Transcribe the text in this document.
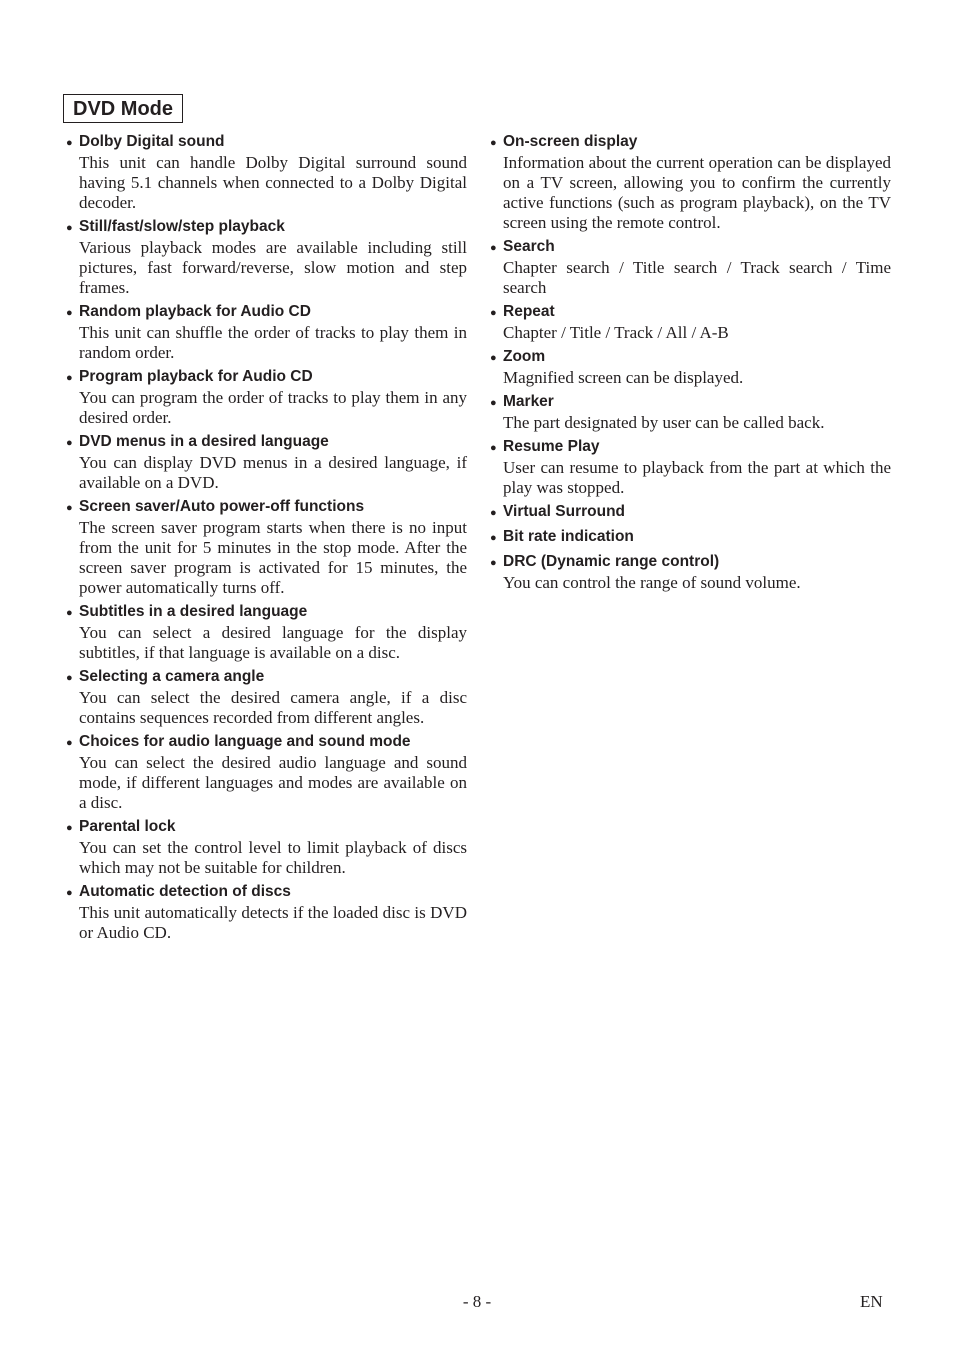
DVD Mode
● Dolby Digital sound
This unit can handle Dolby Digital surround sound having 5.1 channels when connected to a Dolby Digital decoder.
● Still/fast/slow/step playback
Various playback modes are available including still pictures, fast forward/reverse, slow motion and step frames.
● Random playback for Audio CD
This unit can shuffle the order of tracks to play them in random order.
● Program playback for Audio CD
You can program the order of tracks to play them in any desired order.
● DVD menus in a desired language
You can display DVD menus in a desired language, if available on a DVD.
● Screen saver/Auto power-off functions
The screen saver program starts when there is no input from the unit for 5 minutes in the stop mode. After the screen saver program is activated for 15 minutes, the power automatically turns off.
● Subtitles in a desired language
You can select a desired language for the display subtitles, if that language is available on a disc.
● Selecting a camera angle
You can select the desired camera angle, if a disc contains sequences recorded from different angles.
● Choices for audio language and sound mode
You can select the desired audio language and sound mode, if different languages and modes are available on a disc.
● Parental lock
You can set the control level to limit playback of discs which may not be suitable for children.
● Automatic detection of discs
This unit automatically detects if the loaded disc is DVD or Audio CD.
● On-screen display
Information about the current operation can be displayed on a TV screen, allowing you to confirm the currently active functions (such as program playback), on the TV screen using the remote control.
● Search
Chapter search / Title search / Track search / Time search
● Repeat
Chapter / Title / Track / All / A-B
● Zoom
Magnified screen can be displayed.
● Marker
The part designated by user can be called back.
● Resume Play
User can resume to playback from the part at which the play was stopped.
● Virtual Surround
● Bit rate indication
● DRC (Dynamic range control)
You can control the range of sound volume.
- 8 -	EN
